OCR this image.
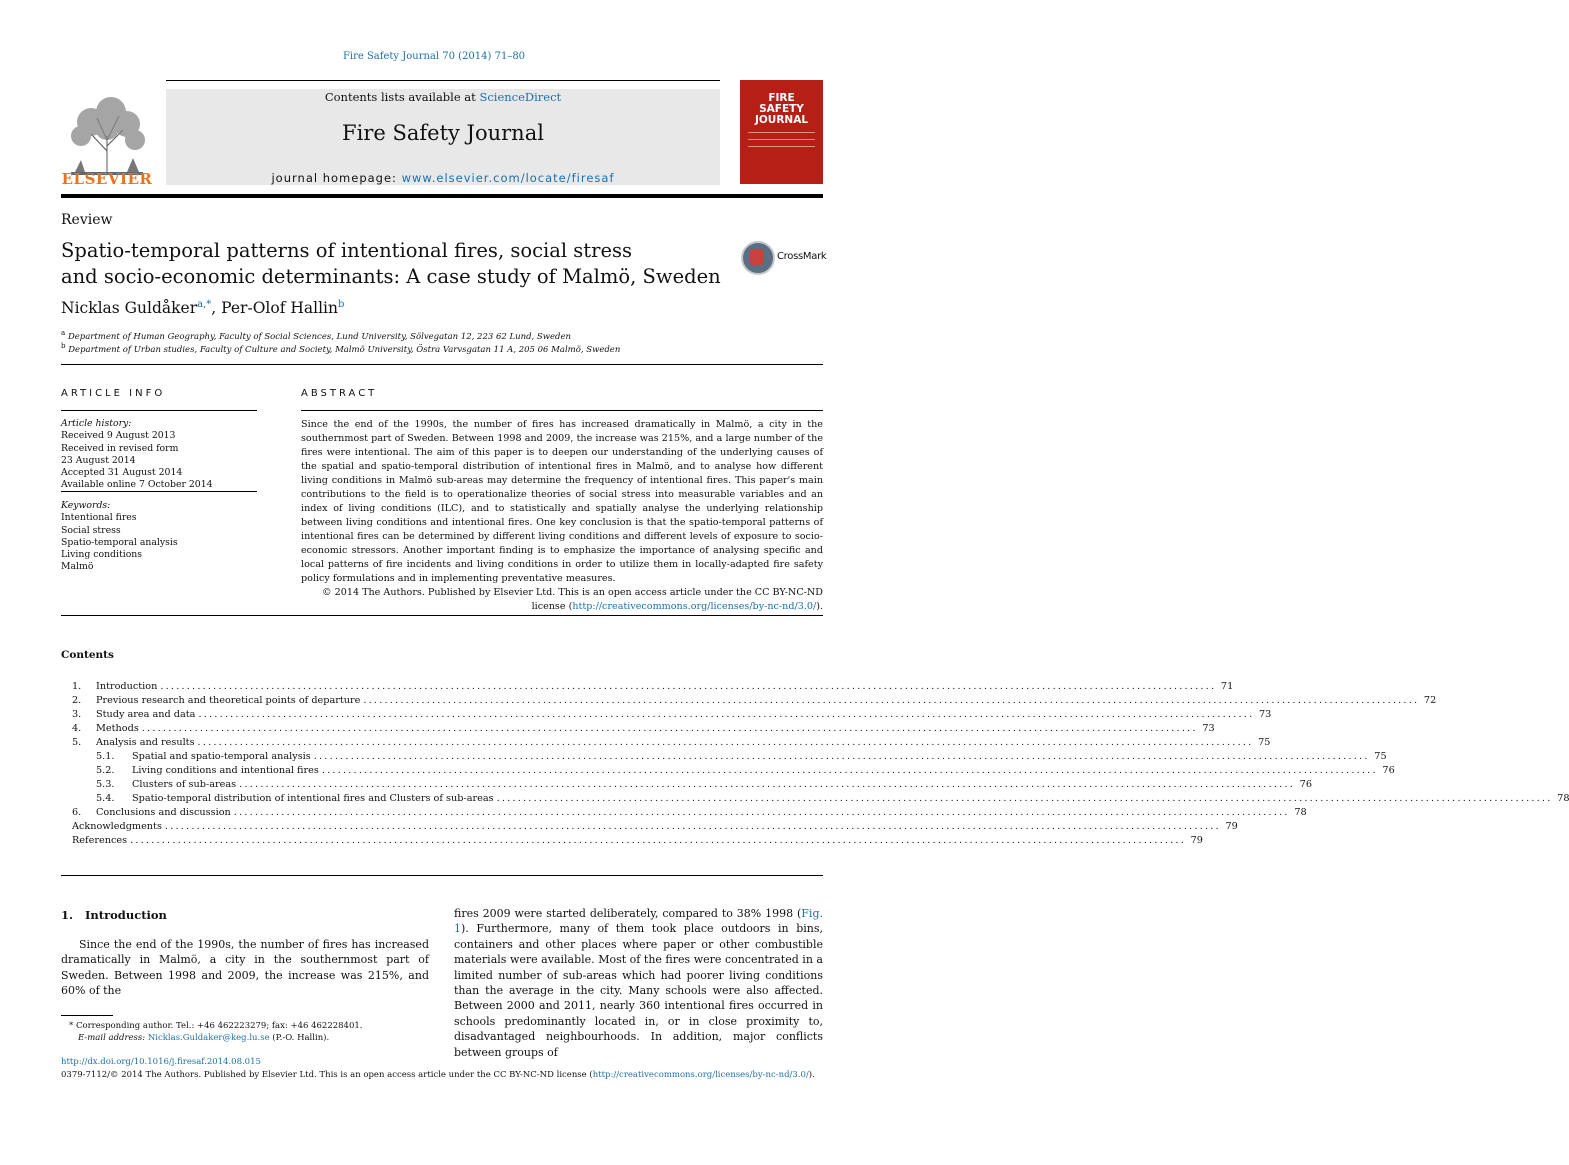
Fire Safety Journal 70 (2014) 71–80
ELSEVIER
Contents lists available at ScienceDirect
Fire Safety Journal
journal homepage: www.elsevier.com/locate/firesaf
FIRE
SAFETY
JOURNAL
Review
Spatio-temporal patterns of intentional fires, social stress
and socio-economic determinants: A case study of Malmö, Sweden
CrossMark
Nicklas Guldåker$^{a,*}$, Per-Olof Hallin$^b$
$^a$ Department of Human Geography, Faculty of Social Sciences, Lund University, Sölvegatan 12, 223 62 Lund, Sweden
$^b$ Department of Urban studies, Faculty of Culture and Society, Malmö University, Östra Varvsgatan 11 A, 205 06 Malmö, Sweden
ARTICLE INFO
Article history:
Received 9 August 2013
Received in revised form
23 August 2014
Accepted 31 August 2014
Available online 7 October 2014
Keywords:
Intentional fires
Social stress
Spatio-temporal analysis
Living conditions
Malmö
ABSTRACT
Since the end of the 1990s, the number of fires has increased dramatically in Malmö, a city in the southernmost part of Sweden. Between 1998 and 2009, the increase was 215%, and a large number of the fires were intentional. The aim of this paper is to deepen our understanding of the underlying causes of the spatial and spatio-temporal distribution of intentional fires in Malmö, and to analyse how different living conditions in Malmö sub-areas may determine the frequency of intentional fires. This paper's main contributions to the field is to operationalize theories of social stress into measurable variables and an index of living conditions (ILC), and to statistically and spatially analyse the underlying relationship between living conditions and intentional fires. One key conclusion is that the spatio-temporal patterns of intentional fires can be determined by different living conditions and different levels of exposure to socio-economic stressors. Another important finding is to emphasize the importance of analysing specific and local patterns of fire incidents and living conditions in order to utilize them in locally-adapted fire safety policy formulations and in implementing preventative measures.
© 2014 The Authors. Published by Elsevier Ltd. This is an open access article under the CC BY-NC-ND
license (http://creativecommons.org/licenses/by-nc-nd/3.0/).
Contents
1.	Introduction ........................................................................................................................................................................................................ 71
2.	Previous research and theoretical points of departure ........................................................................................................................................................................................................ 72
3.	Study area and data ........................................................................................................................................................................................................ 73
4.	Methods ........................................................................................................................................................................................................ 73
5.	Analysis and results ........................................................................................................................................................................................................ 75
5.1.	Spatial and spatio-temporal analysis ........................................................................................................................................................................................................ 75
5.2.	Living conditions and intentional fires ........................................................................................................................................................................................................ 76
5.3.	Clusters of sub-areas ........................................................................................................................................................................................................ 76
5.4.	Spatio-temporal distribution of intentional fires and Clusters of sub-areas ........................................................................................................................................................................................................ 78
6.	Conclusions and discussion ........................................................................................................................................................................................................ 78
Acknowledgments ........................................................................................................................................................................................................ 79
References ........................................................................................................................................................................................................ 79
1.   Introduction
Since the end of the 1990s, the number of fires has increased dramatically in Malmö, a city in the southernmost part of Sweden. Between 1998 and 2009, the increase was 215%, and 60% of the
fires 2009 were started deliberately, compared to 38% 1998 (Fig. 1). Furthermore, many of them took place outdoors in bins, containers and other places where paper or other combustible materials were available. Most of the fires were concentrated in a limited number of sub-areas which had poorer living conditions than the average in the city. Many schools were also affected. Between 2000 and 2011, nearly 360 intentional fires occurred in schools predominantly located in, or in close proximity to, disadvantaged neighbourhoods. In addition, major conflicts between groups of
* Corresponding author. Tel.: +46 462223279; fax: +46 462228401.
E-mail address: Nicklas.Guldaker@keg.lu.se (P.-O. Hallin).
http://dx.doi.org/10.1016/j.firesaf.2014.08.015
0379-7112/© 2014 The Authors. Published by Elsevier Ltd. This is an open access article under the CC BY-NC-ND license (http://creativecommons.org/licenses/by-nc-nd/3.0/).
